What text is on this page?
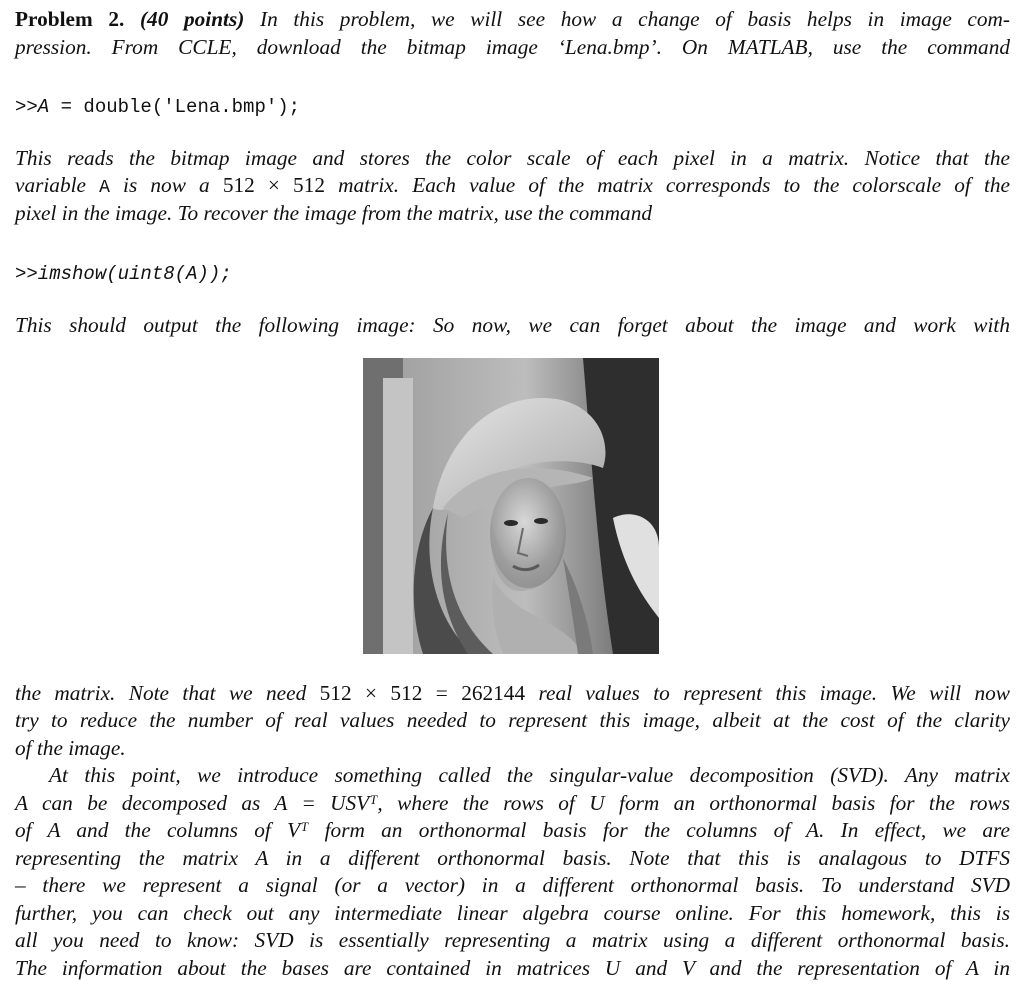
Problem 2. (40 points) In this problem, we will see how a change of basis helps in image com-
pression. From CCLE, download the bitmap image ‘Lena.bmp’. On MATLAB, use the command
>>A = double('Lena.bmp');
This reads the bitmap image and stores the color scale of each pixel in a matrix. Notice that the
variable A is now a 512 × 512 matrix. Each value of the matrix corresponds to the colorscale of the
pixel in the image. To recover the image from the matrix, use the command
>>imshow(uint8(A));
This should output the following image: So now, we can forget about the image and work with
the matrix. Note that we need 512 × 512 = 262144 real values to represent this image. We will now
try to reduce the number of real values needed to represent this image, albeit at the cost of the clarity
of the image.
At this point, we introduce something called the singular-value decomposition (SVD). Any matrix
A can be decomposed as A = USVᵀ, where the rows of U form an orthonormal basis for the rows
of A and the columns of Vᵀ form an orthonormal basis for the columns of A. In effect, we are
representing the matrix A in a different orthonormal basis. Note that this is analagous to DTFS
– there we represent a signal (or a vector) in a different orthonormal basis. To understand SVD
further, you can check out any intermediate linear algebra course online. For this homework, this is
all you need to know: SVD is essentially representing a matrix using a different orthonormal basis.
The information about the bases are contained in matrices U and V and the representation of A in
